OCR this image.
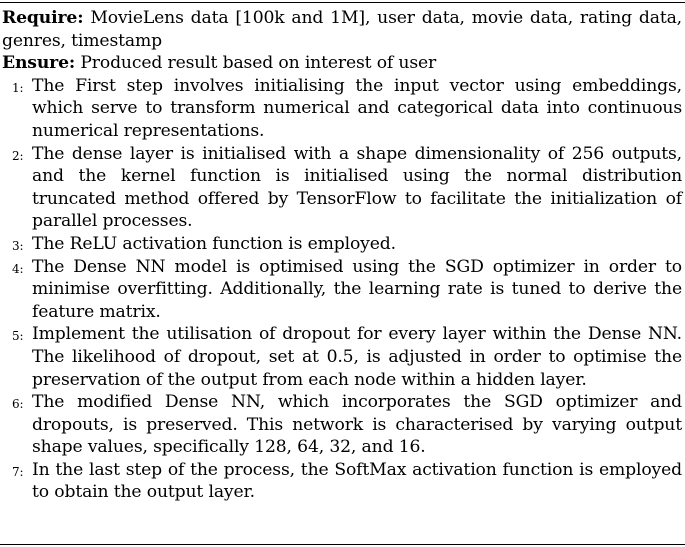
Require: MovieLens data [100k and 1M], user data, movie data, rating data, genres, timestamp
Ensure: Produced result based on interest of user
1: The First step involves initialising the input vector using embeddings, which serve to transform numerical and categorical data into continuous numerical representations.
2: The dense layer is initialised with a shape dimensionality of 256 outputs, and the kernel function is initialised using the normal distribution truncated method offered by TensorFlow to facilitate the initialization of parallel processes.
3: The ReLU activation function is employed.
4: The Dense NN model is optimised using the SGD optimizer in order to minimise overfitting. Additionally, the learning rate is tuned to derive the feature matrix.
5: Implement the utilisation of dropout for every layer within the Dense NN. The likelihood of dropout, set at 0.5, is adjusted in order to optimise the preservation of the output from each node within a hidden layer.
6: The modified Dense NN, which incorporates the SGD optimizer and dropouts, is preserved. This network is characterised by varying output shape values, specifically 128, 64, 32, and 16.
7: In the last step of the process, the SoftMax activation function is employed to obtain the output layer.
